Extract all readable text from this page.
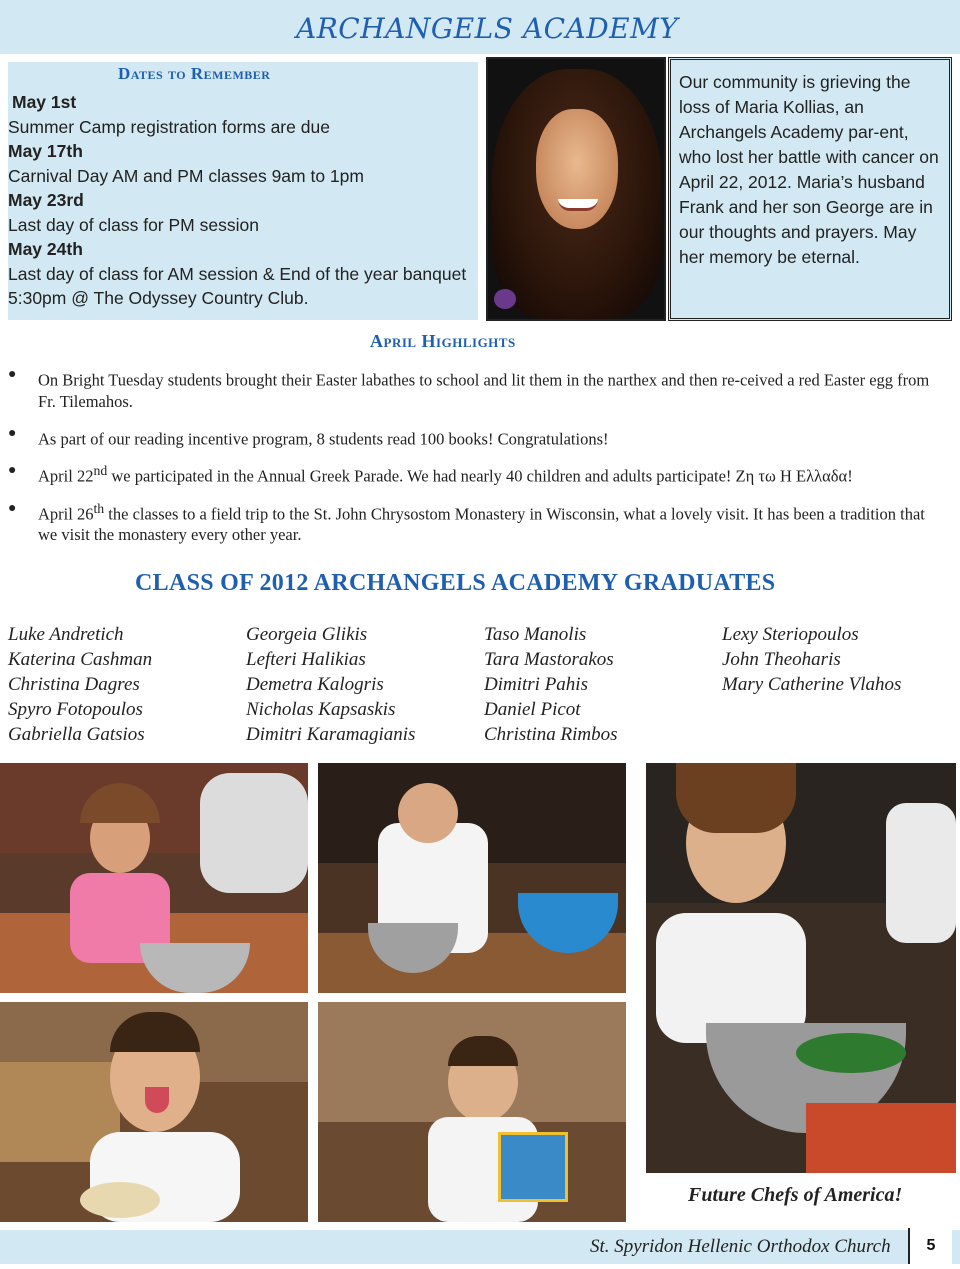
ARCHANGELS ACADEMY
Dates to Remember
May 1st
Summer Camp registration forms are due
May 17th
Carnival Day AM and PM classes 9am to 1pm
May 23rd
Last day of class for PM session
May 24th
Last day of class for AM session & End of the year banquet 5:30pm @ The Odyssey Country Club.
Our community is grieving the loss of Maria Kollias, an Archangels Academy par-ent, who lost her battle with cancer on April 22, 2012. Maria’s husband Frank and her son George are in our thoughts and prayers. May her memory be eternal.
April Highlights
● On Bright Tuesday students brought their Easter labathes to school and lit them in the narthex and then re-ceived a red Easter egg from Fr. Tilemahos.
● As part of our reading incentive program, 8 students read 100 books! Congratulations!
● April 22nd we participated in the Annual Greek Parade. We had nearly 40 children and adults participate! Ζη τω Η Ελλαδα!
● April 26th the classes to a field trip to the St. John Chrysostom Monastery in Wisconsin, what a lovely visit. It has been a tradition that we visit the monastery every other year.
CLASS OF 2012 ARCHANGELS ACADEMY GRADUATES
Luke Andretich
Katerina Cashman
Christina Dagres
Spyro Fotopoulos
Gabriella Gatsios
Georgeia Glikis
Lefteri Halikias
Demetra Kalogris
Nicholas Kapsaskis
Dimitri Karamagianis
Taso Manolis
Tara Mastorakos
Dimitri Pahis
Daniel Picot
Christina Rimbos
Lexy Steriopoulos
John Theoharis
Mary Catherine Vlahos
Future Chefs of America!
St. Spyridon Hellenic Orthodox Church	5
